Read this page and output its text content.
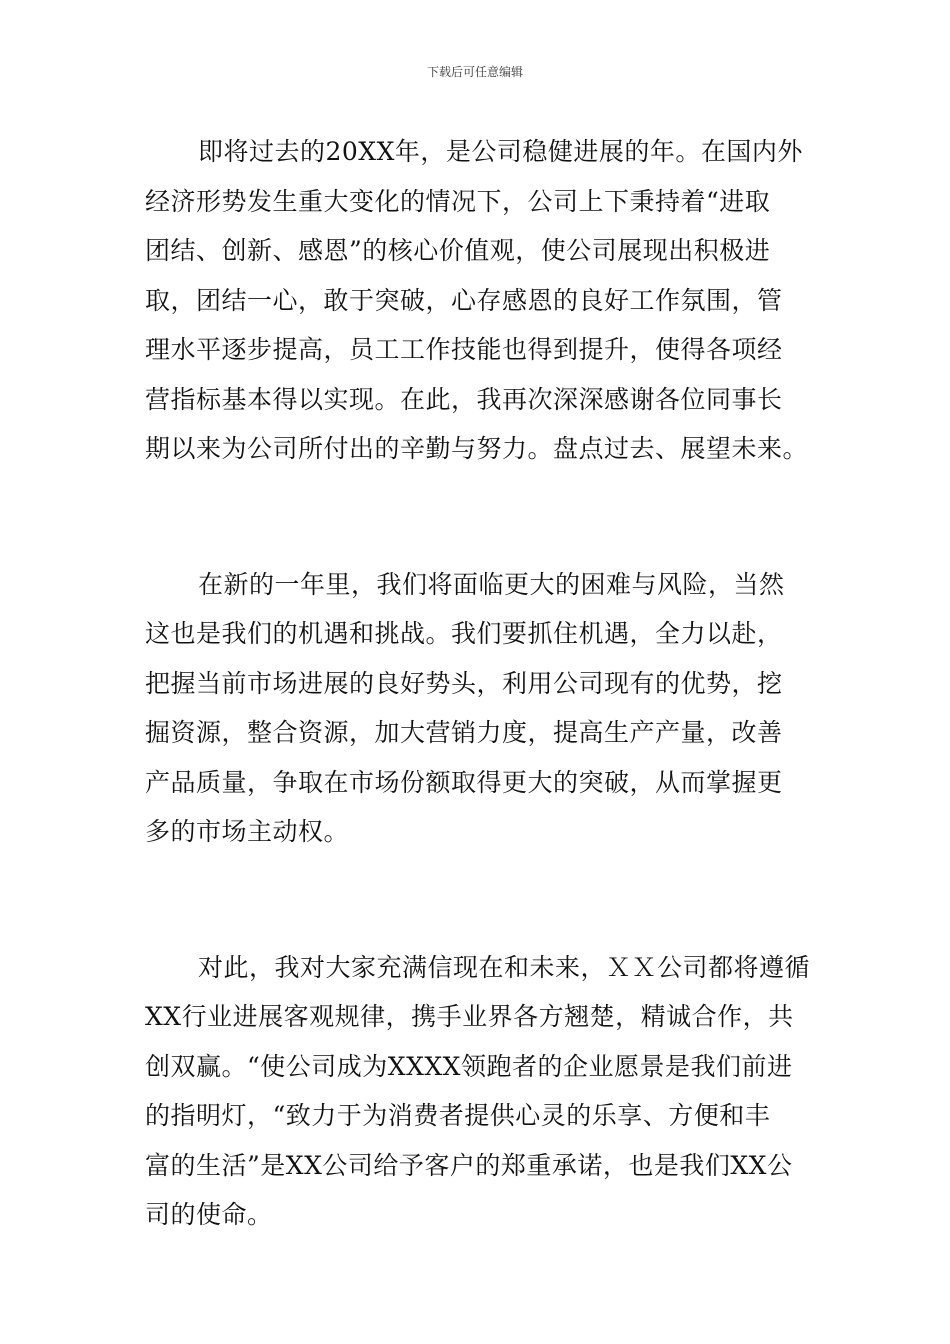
下载后可任意编辑

即将过去的20XX年，是公司稳健进展的年。在国内外
经济形势发生重大变化的情况下，公司上下秉持着“进取
团结、创新、感恩”的核心价值观，使公司展现出积极进
取，团结一心，敢于突破，心存感恩的良好工作氛围，管
理水平逐步提高，员工工作技能也得到提升，使得各项经
营指标基本得以实现。在此，我再次深深感谢各位同事长
期以来为公司所付出的辛勤与努力。盘点过去、展望未来。

在新的一年里，我们将面临更大的困难与风险，当然
这也是我们的机遇和挑战。我们要抓住机遇，全力以赴，
把握当前市场进展的良好势头，利用公司现有的优势，挖
掘资源，整合资源，加大营销力度，提高生产产量，改善
产品质量，争取在市场份额取得更大的突破，从而掌握更
多的市场主动权。

对此，我对大家充满信现在和未来，ＸＸ公司都将遵循
XX行业进展客观规律，携手业界各方翘楚，精诚合作，共
创双赢。“使公司成为XXXX领跑者的企业愿景是我们前进
的指明灯，“致力于为消费者提供心灵的乐享、方便和丰
富的生活”是XX公司给予客户的郑重承诺，也是我们XX公
司的使命。
